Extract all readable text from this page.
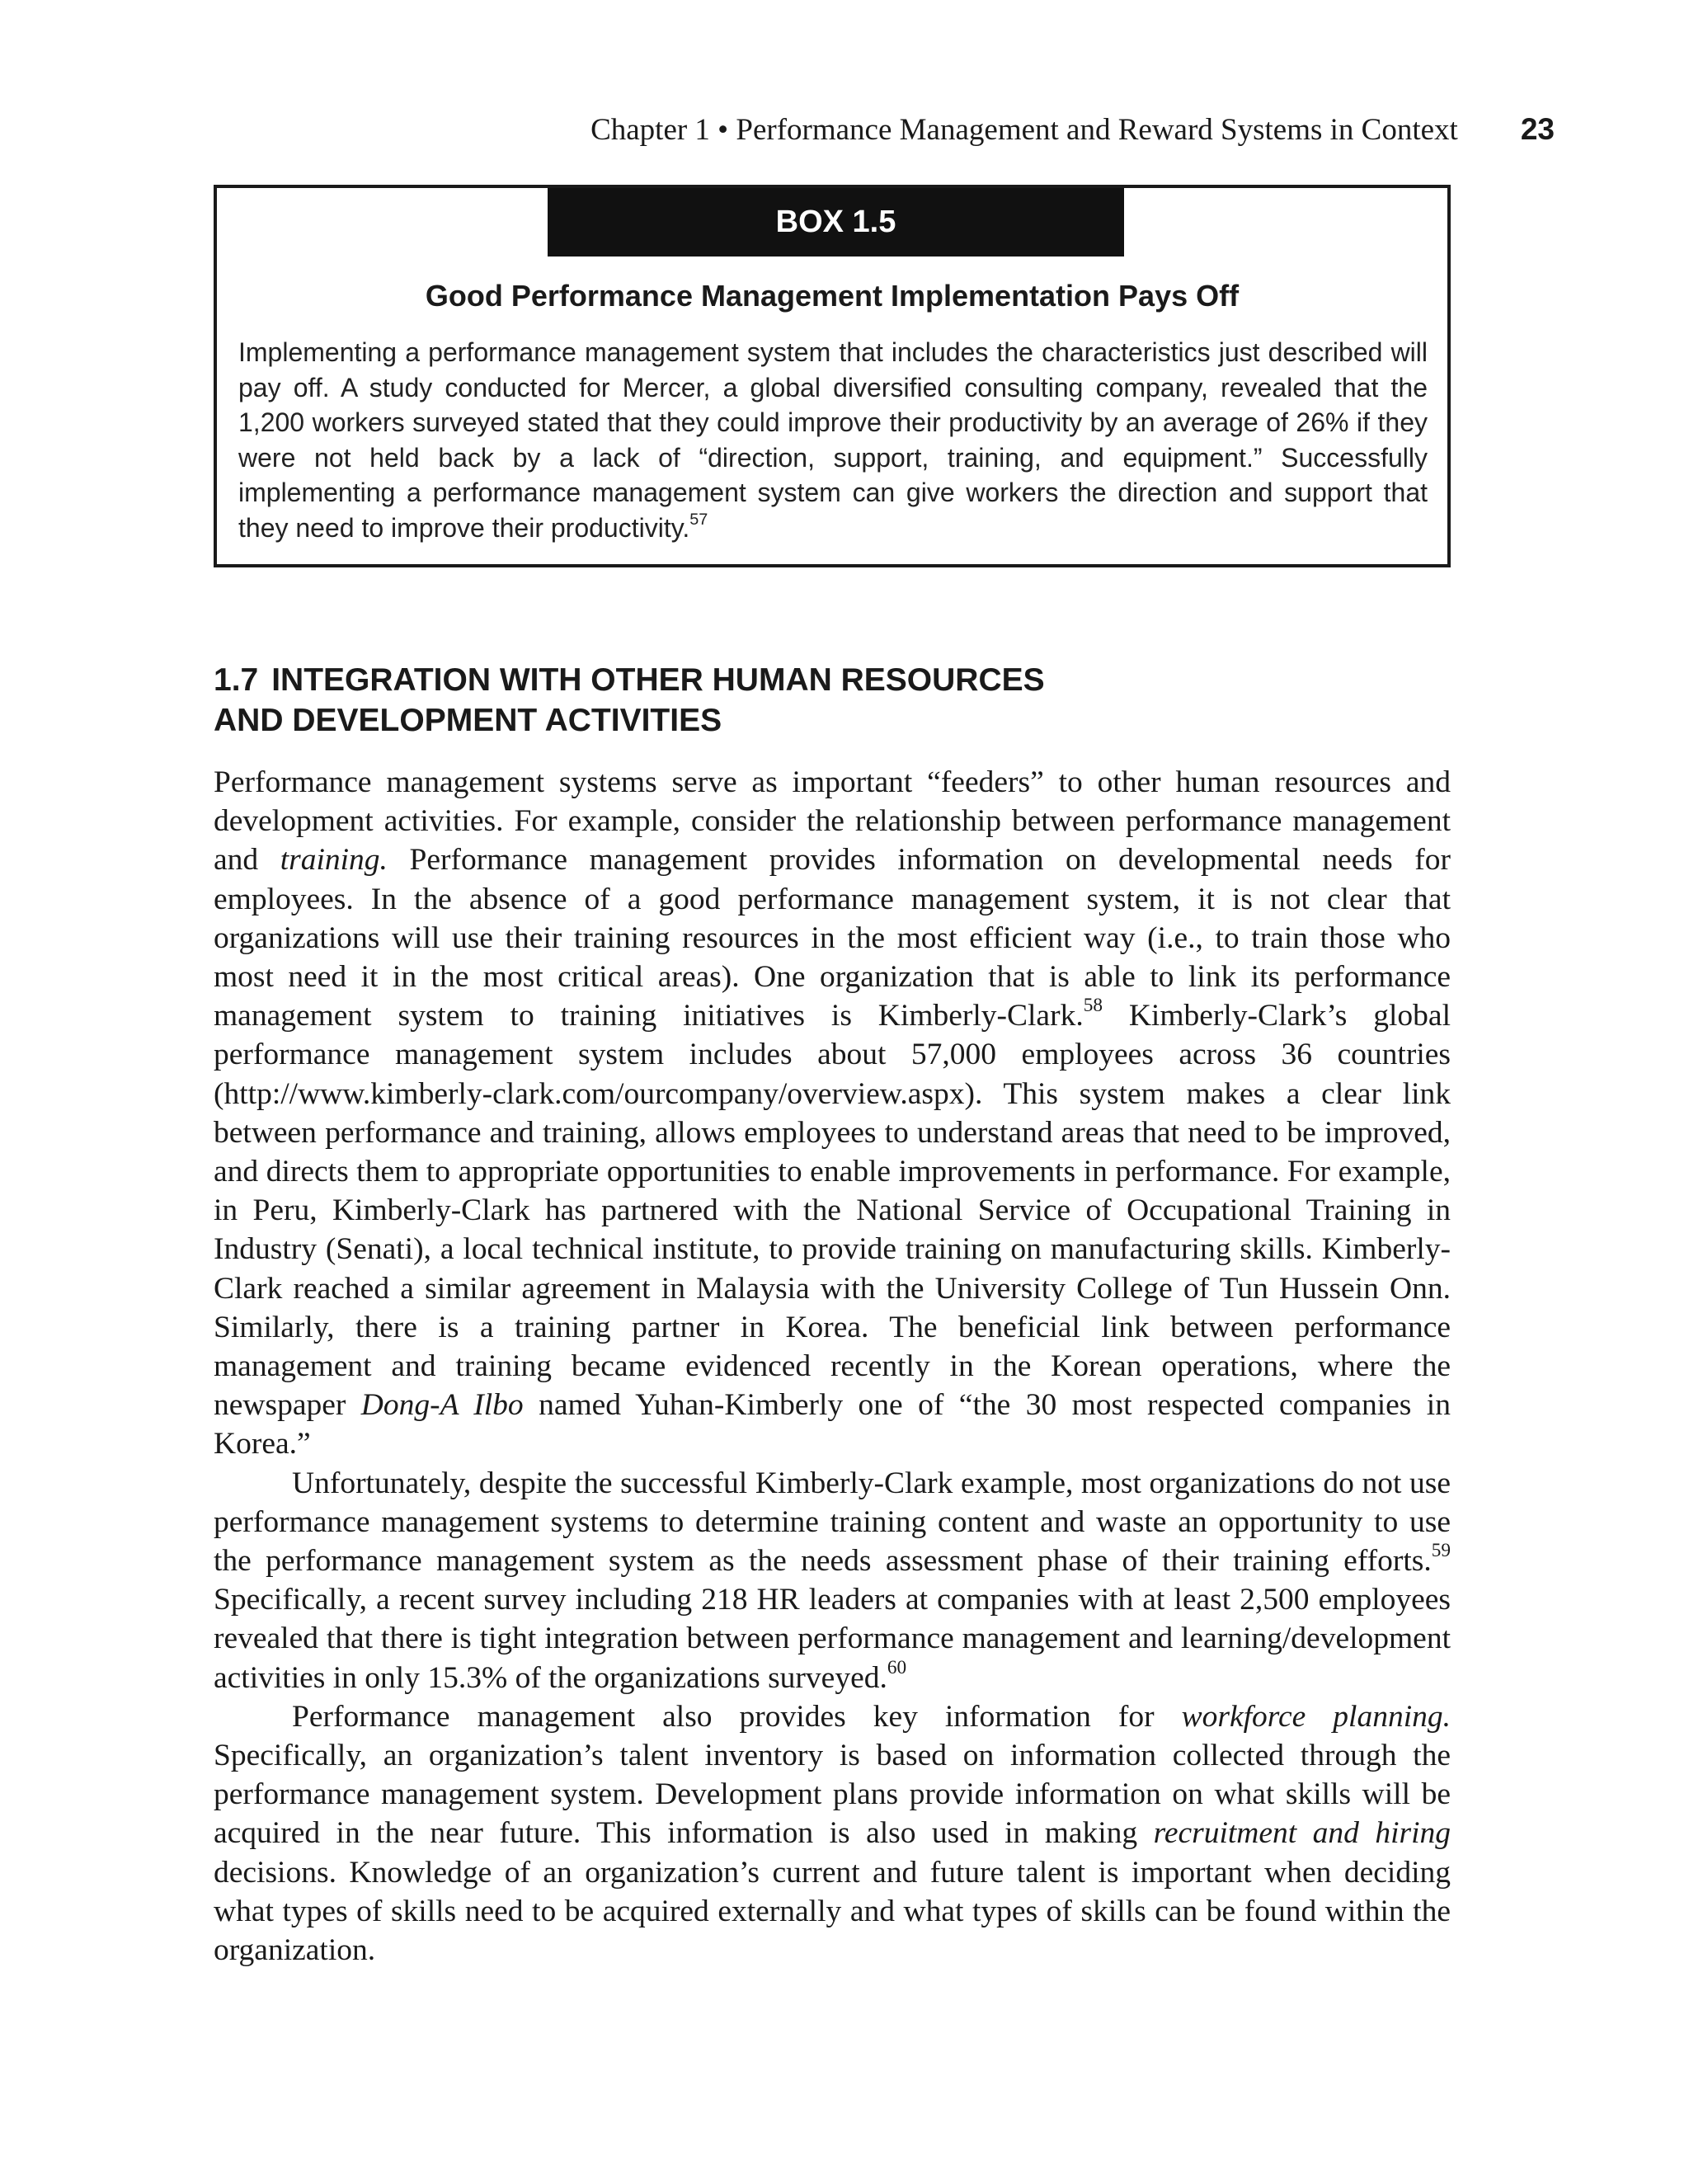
Chapter 1 • Performance Management and Reward Systems in Context 23
BOX 1.5
Good Performance Management Implementation Pays Off
Implementing a performance management system that includes the characteristics just described will pay off. A study conducted for Mercer, a global diversified consulting company, revealed that the 1,200 workers surveyed stated that they could improve their productivity by an average of 26% if they were not held back by a lack of “direction, support, training, and equipment.” Successfully implementing a performance management system can give workers the direction and support that they need to improve their productivity.$^{57}$
1.7 INTEGRATION WITH OTHER HUMAN RESOURCES
AND DEVELOPMENT ACTIVITIES

Performance management systems serve as important “feeders” to other human resources and development activities. For example, consider the relationship between performance management and training. Performance management provides information on developmental needs for employees. In the absence of a good performance management system, it is not clear that organizations will use their training resources in the most efficient way (i.e., to train those who most need it in the most critical areas). One organization that is able to link its performance management system to training initiatives is Kimberly-Clark.$^{58}$ Kimberly-Clark’s global performance management system includes about 57,000 employees across 36 countries (http://www.kimberly-clark.com/ourcompany/overview.aspx). This system makes a clear link between performance and training, allows employees to understand areas that need to be improved, and directs them to appropriate opportunities to enable improvements in performance. For example, in Peru, Kimberly-Clark has partnered with the National Service of Occupational Training in Industry (Senati), a local technical institute, to provide training on manufacturing skills. Kimberly-Clark reached a similar agreement in Malaysia with the University College of Tun Hussein Onn. Similarly, there is a training partner in Korea. The beneficial link between performance management and training became evidenced recently in the Korean operations, where the newspaper Dong-A Ilbo named Yuhan-Kimberly one of “the 30 most respected companies in Korea.”

Unfortunately, despite the successful Kimberly-Clark example, most organizations do not use performance management systems to determine training content and waste an opportunity to use the performance management system as the needs assessment phase of their training efforts.$^{59}$ Specifically, a recent survey including 218 HR leaders at companies with at least 2,500 employees revealed that there is tight integration between performance management and learning/development activities in only 15.3% of the organizations surveyed.$^{60}$

Performance management also provides key information for workforce planning. Specifically, an organization’s talent inventory is based on information collected through the performance management system. Development plans provide information on what skills will be acquired in the near future. This information is also used in making recruitment and hiring decisions. Knowledge of an organization’s current and future talent is important when deciding what types of skills need to be acquired externally and what types of skills can be found within the organization.
